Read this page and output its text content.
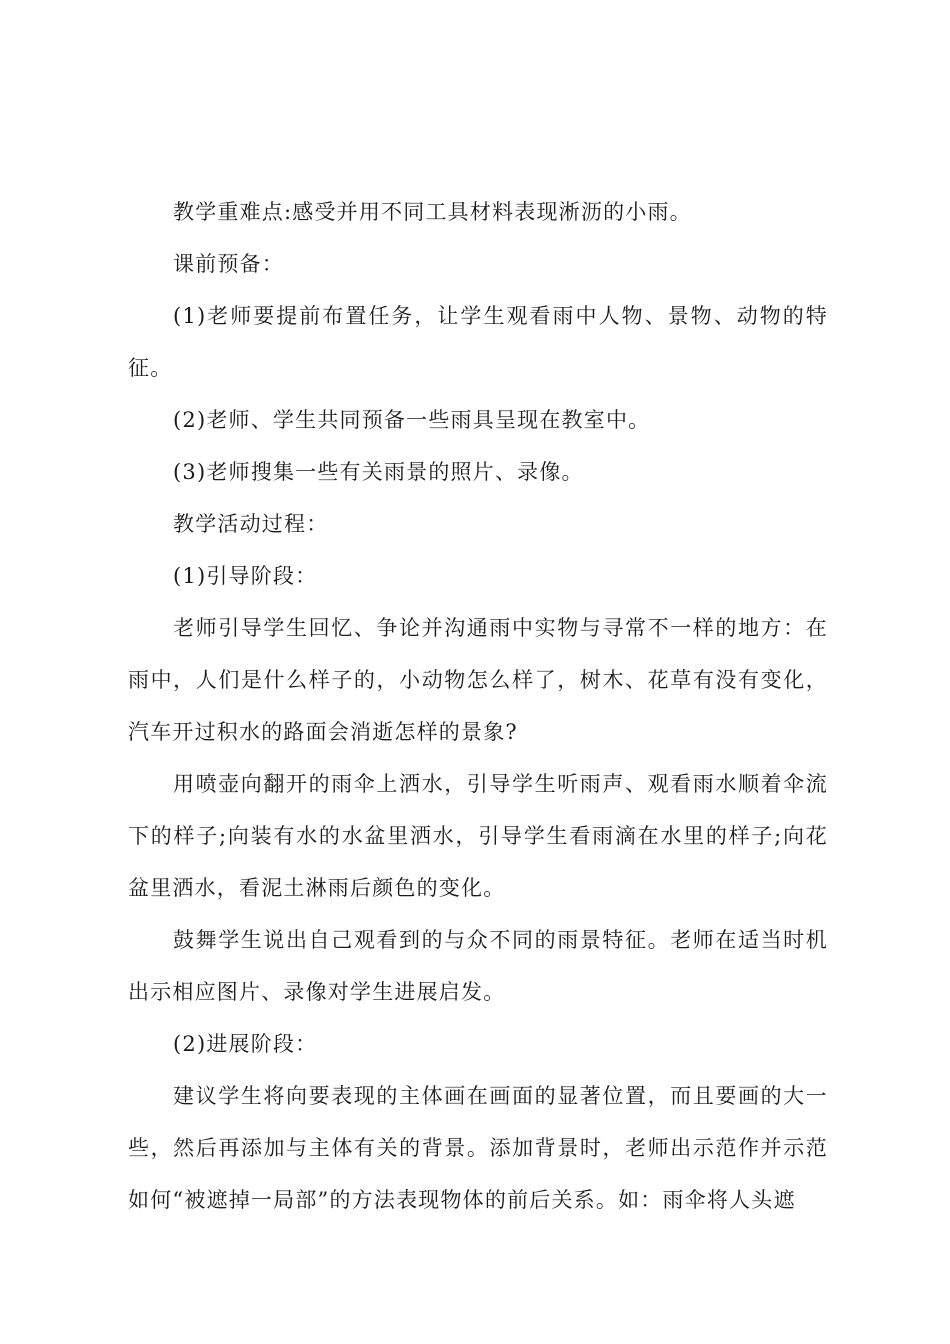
教学重难点:感受并用不同工具材料表现淅沥的小雨。

课前预备：

(1)老师要提前布置任务，让学生观看雨中人物、景物、动物的特征。

(2)老师、学生共同预备一些雨具呈现在教室中。

(3)老师搜集一些有关雨景的照片、录像。

教学活动过程：

(1)引导阶段：

老师引导学生回忆、争论并沟通雨中实物与寻常不一样的地方：在雨中，人们是什么样子的，小动物怎么样了，树木、花草有没有变化，汽车开过积水的路面会消逝怎样的景象?

用喷壶向翻开的雨伞上洒水，引导学生听雨声、观看雨水顺着伞流下的样子;向装有水的水盆里洒水，引导学生看雨滴在水里的样子;向花盆里洒水，看泥土淋雨后颜色的变化。

鼓舞学生说出自己观看到的与众不同的雨景特征。老师在适当时机出示相应图片、录像对学生进展启发。

(2)进展阶段：

建议学生将向要表现的主体画在画面的显著位置，而且要画的大一些，然后再添加与主体有关的背景。添加背景时，老师出示范作并示范如何“被遮掉一局部”的方法表现物体的前后关系。如：雨伞将人头遮
